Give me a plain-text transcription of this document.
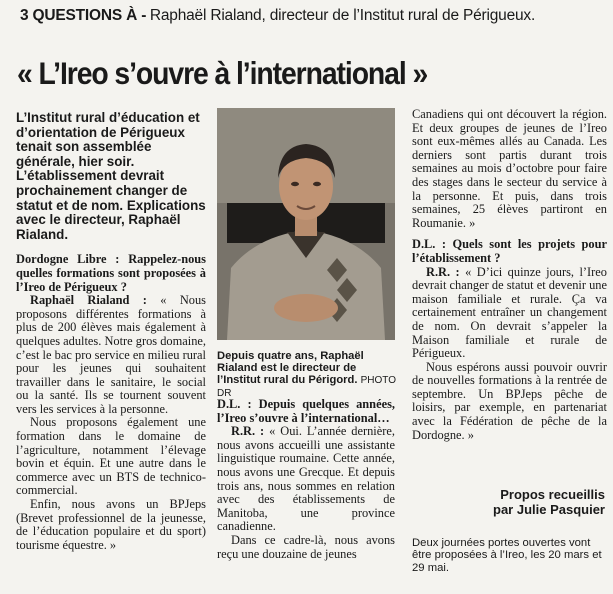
3 QUESTIONS À - Raphaël Rialand, directeur de l’Institut rural de Périgueux.
« L’Ireo s’ouvre à l’international »

L’Institut rural d’éducation et d’orientation de Périgueux tenait son assemblée générale, hier soir. L’établissement devrait prochainement changer de statut et de nom. Explications avec le directeur, Raphaël Rialand.

Dordogne Libre : Rappelez-nous quelles formations sont proposées à l’Ireo de Périgueux ?

Raphaël Rialand : « Nous proposons différentes formations à plus de 200 élèves mais également à quelques adultes. Notre gros domaine, c’est le bac pro service en milieu rural pour les jeunes qui souhaitent travailler dans le sanitaire, le social ou la santé. Ils se tournent souvent vers les services à la personne.

Nous proposons également une formation dans le domaine de l’agriculture, notamment l’élevage bovin et équin. Et une autre dans le commerce avec un BTS de technico-commercial.

Enfin, nous avons un BPJeps (Brevet professionnel de la jeunesse, de l’éducation populaire et du sport) tourisme équestre. »

Depuis quatre ans, Raphaël Rialand est le directeur de l’Institut rural du Périgord. PHOTO DR

D.L. : Depuis quelques années, l’Ireo s’ouvre à l’international…

R.R. : « Oui. L’année dernière, nous avons accueilli une assistante linguistique roumaine. Cette année, nous avons une Grecque. Et depuis trois ans, nous sommes en relation avec des établissements de Manitoba, une province canadienne.

Dans ce cadre-là, nous avons reçu une douzaine de jeunes

Canadiens qui ont découvert la région. Et deux groupes de jeunes de l’Ireo sont eux-mêmes allés au Canada. Les derniers sont partis durant trois semaines au mois d’octobre pour faire des stages dans le secteur du service à la personne. Et puis, dans trois semaines, 25 élèves partiront en Roumanie. »

D.L. : Quels sont les projets pour l’établissement ?

R.R. : « D’ici quinze jours, l’Ireo devrait changer de statut et devenir une maison familiale et rurale. Ça va certainement entraîner un changement de nom. On devrait s’appeler la Maison familiale et rurale de Périgueux.

Nous espérons aussi pouvoir ouvrir de nouvelles formations à la rentrée de septembre. Un BPJeps pêche de loisirs, par exemple, en partenariat avec la Fédération de pêche de la Dordogne. »

Propos recueillis
par Julie Pasquier
Deux journées portes ouvertes vont être proposées à l’Ireo, les 20 mars et 29 mai.
